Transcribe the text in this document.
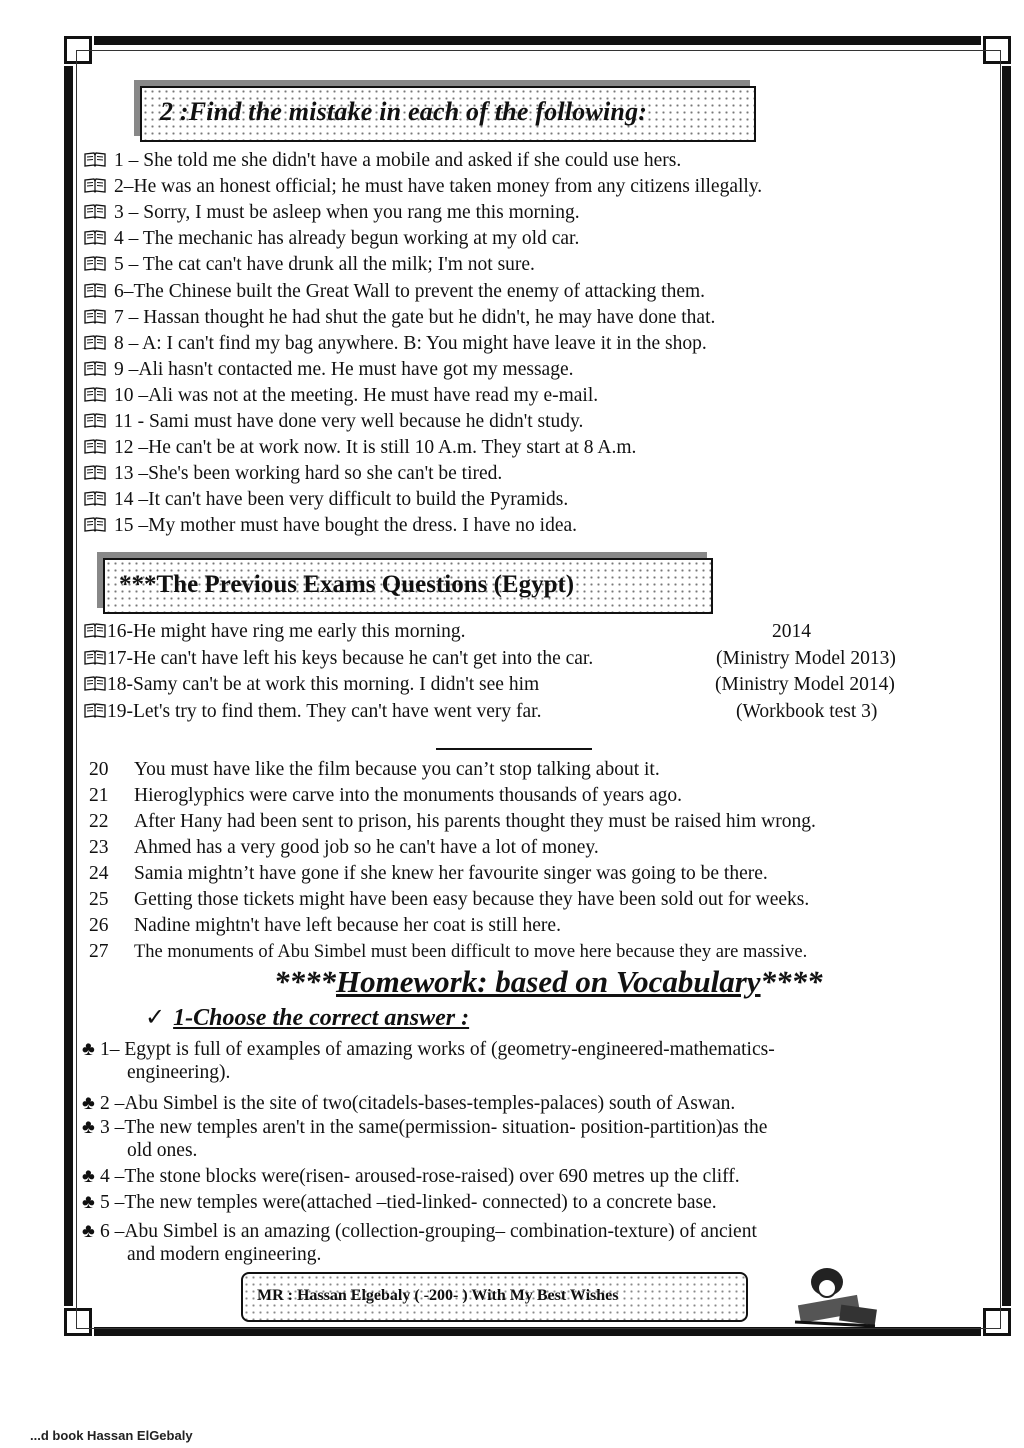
2 :Find the mistake in each of the following:
1 – She told me she didn't have a mobile and asked if she could use hers.
2–He was an honest official; he must have taken money from any citizens illegally.
3 – Sorry, I must be asleep when you rang me this morning.
4 – The mechanic has already begun working at my old car.
5 – The cat can't have drunk all the milk; I'm not sure.
6–The Chinese built the Great Wall to prevent the enemy of attacking them.
7 – Hassan thought he had shut the gate but he didn't, he may have done that.
8 – A: I can't find my bag anywhere. B: You might have leave it in the shop.
9 –Ali hasn't contacted me. He must have got my message.
10 –Ali was not at the meeting. He must have read my e-mail.
11 - Sami must have done very well because he didn't study.
12 –He can't be at work now. It is still 10 A.m. They start at 8 A.m.
13 –She's been working hard so she can't be tired.
14 –It can't have been very difficult to build the Pyramids.
15 –My mother must have bought the dress. I have no idea.
***The Previous Exams Questions (Egypt)
16-He might have ring me early this morning.	2014
17-He can't have left his keys because he can't get into the car.	(Ministry Model 2013)
18-Samy can't be at work this morning. I didn't see him	(Ministry Model 2014)
19-Let's try to find them. They can't have went very far.	(Workbook test 3)
20 You must have like the film because you can’t stop talking about it.
21 Hieroglyphics were carve into the monuments thousands of years ago.
22 After Hany had been sent to prison, his parents thought they must be raised him wrong.
23 Ahmed has a very good job so he can't have a lot of money.
24 Samia mightn’t have gone if she knew her favourite singer was going to be there.
25 Getting those tickets might have been easy because they have been sold out for weeks.
26 Nadine mightn't have left because her coat is still here.
27 The monuments of Abu Simbel must been difficult to move here because they are massive.
****Homework: based on Vocabulary****
✓ 1-Choose the correct answer :
♣ 1– Egypt is full of examples of amazing works of (geometry-engineered-mathematics-
engineering).
♣ 2 –Abu Simbel is the site of two(citadels-bases-temples-palaces) south of Aswan.
♣ 3 –The new temples aren't in the same(permission- situation- position-partition)as the
old ones.
♣ 4 –The stone blocks were(risen- aroused-rose-raised) over 690 metres up the cliff.
♣ 5 –The new temples were(attached –tied-linked- connected) to a concrete base.
♣ 6 –Abu Simbel is an amazing (collection-grouping– combination-texture) of ancient
and modern engineering.
MR : Hassan Elgebaly ( -200- ) With My Best Wishes
...d book Hassan ElGebaly
